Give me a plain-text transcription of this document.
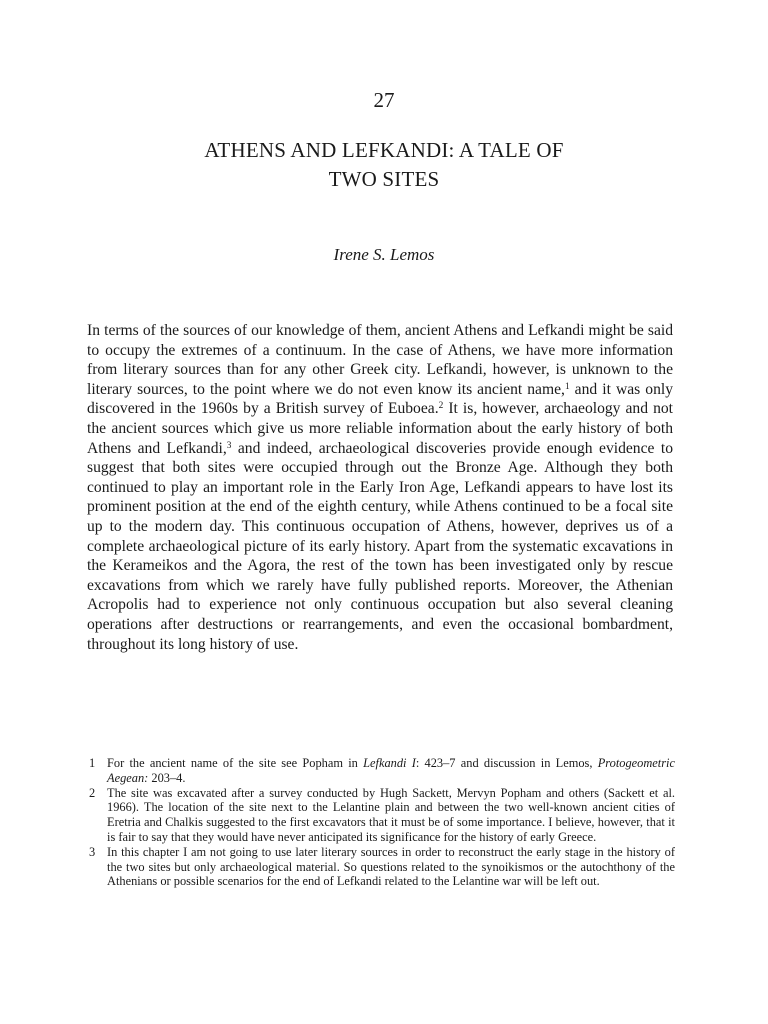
27
ATHENS AND LEFKANDI: A TALE OF
TWO SITES
Irene S. Lemos

In terms of the sources of our knowledge of them, ancient Athens and Lefkandi might be said to occupy the extremes of a continuum. In the case of Athens, we have more information from literary sources than for any other Greek city. Lefkandi, however, is unknown to the literary sources, to the point where we do not even know its ancient name,$^1$ and it was only discovered in the 1960s by a British survey of Euboea.$^2$ It is, however, archaeology and not the ancient sources which give us more reliable information about the early history of both Athens and Lefkandi,$^3$ and indeed, archaeological discoveries provide enough evidence to suggest that both sites were occupied through out the Bronze Age. Although they both continued to play an important role in the Early Iron Age, Lefkandi appears to have lost its prominent position at the end of the eighth century, while Athens continued to be a focal site up to the modern day. This continuous occupation of Athens, however, deprives us of a complete archaeological picture of its early history. Apart from the systematic excavations in the Kerameikos and the Agora, the rest of the town has been investigated only by rescue excavations from which we rarely have fully published reports. Moreover, the Athenian Acropolis had to experience not only continuous occupation but also several cleaning operations after destructions or rearrangements, and even the occasional bombardment, throughout its long history of use.

1 For the ancient name of the site see Popham in Lefkandi I: 423–7 and discussion in Lemos, Protogeometric Aegean: 203–4.
2 The site was excavated after a survey conducted by Hugh Sackett, Mervyn Popham and others (Sackett et al. 1966). The location of the site next to the Lelantine plain and between the two well-known ancient cities of Eretria and Chalkis suggested to the first excavators that it must be of some importance. I believe, however, that it is fair to say that they would have never anticipated its significance for the history of early Greece.
3 In this chapter I am not going to use later literary sources in order to reconstruct the early stage in the history of the two sites but only archaeological material. So questions related to the synoikismos or the autochthony of the Athenians or possible scenarios for the end of Lefkandi related to the Lelantine war will be left out.
